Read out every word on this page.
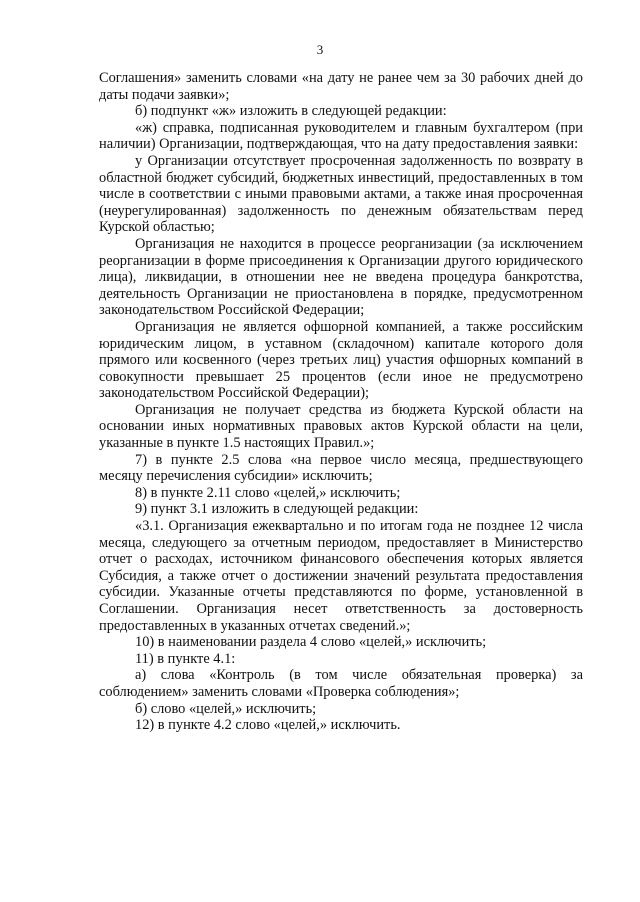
3

Соглашения» заменить словами «на дату не ранее чем за 30 рабочих дней до даты подачи заявки»;

б) подпункт «ж» изложить в следующей редакции:

«ж) справка, подписанная руководителем и главным бухгалтером (при наличии) Организации, подтверждающая, что на дату предоставления заявки:

у Организации отсутствует просроченная задолженность по возврату в областной бюджет субсидий, бюджетных инвестиций, предоставленных в том числе в соответствии с иными правовыми актами, а также иная просроченная (неурегулированная) задолженность по денежным обязательствам перед Курской областью;

Организация не находится в процессе реорганизации (за исключением реорганизации в форме присоединения к Организации другого юридического лица), ликвидации, в отношении нее не введена процедура банкротства, деятельность Организации не приостановлена в порядке, предусмотренном законодательством Российской Федерации;

Организация не является офшорной компанией, а также российским юридическим лицом, в уставном (складочном) капитале которого доля прямого или косвенного (через третьих лиц) участия офшорных компаний в совокупности превышает 25 процентов (если иное не предусмотрено законодательством Российской Федерации);

Организация не получает средства из бюджета Курской области на основании иных нормативных правовых актов Курской области на цели, указанные в пункте 1.5 настоящих Правил.»;

7) в пункте 2.5 слова «на первое число месяца, предшествующего месяцу перечисления субсидии» исключить;

8) в пункте 2.11 слово «целей,» исключить;

9) пункт 3.1 изложить в следующей редакции:

«3.1. Организация ежеквартально и по итогам года не позднее 12 числа месяца, следующего за отчетным периодом, предоставляет в Министерство отчет о расходах, источником финансового обеспечения которых является Субсидия, а также отчет о достижении значений результата предоставления субсидии. Указанные отчеты представляются по форме, установленной в Соглашении. Организация несет ответственность за достоверность предоставленных в указанных отчетах сведений.»;

10) в наименовании раздела 4 слово «целей,» исключить;

11) в пункте 4.1:

а) слова «Контроль (в том числе обязательная проверка) за соблюдением» заменить словами «Проверка соблюдения»;

б) слово «целей,» исключить;

12) в пункте 4.2 слово «целей,» исключить.
